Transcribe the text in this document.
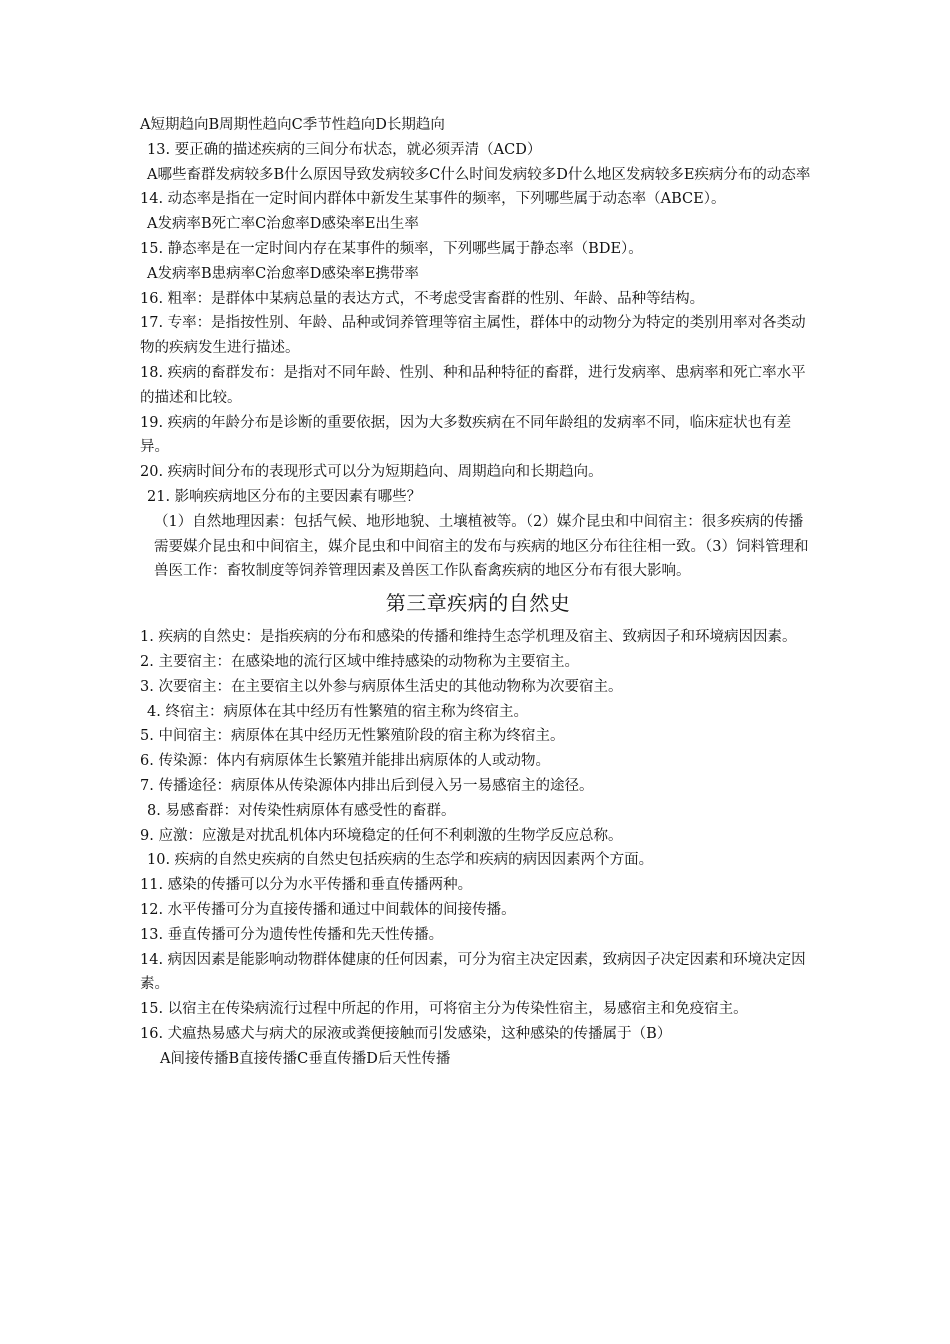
A短期趋向B周期性趋向C季节性趋向D长期趋向
13. 要正确的描述疾病的三间分布状态，就必须弄清（ACD）
A哪些畜群发病较多B什么原因导致发病较多C什么时间发病较多D什么地区发病较多E疾病分布的动态率
14. 动态率是指在一定时间内群体中新发生某事件的频率，下列哪些属于动态率（ABCE）。
A发病率B死亡率C治愈率D感染率E出生率
15. 静态率是在一定时间内存在某事件的频率，下列哪些属于静态率（BDE）。
A发病率B患病率C治愈率D感染率E携带率
16. 粗率：是群体中某病总量的表达方式，不考虑受害畜群的性别、年龄、品种等结构。
17. 专率：是指按性别、年龄、品种或饲养管理等宿主属性，群体中的动物分为特定的类别用率对各类动物的疾病发生进行描述。
18. 疾病的畜群发布：是指对不同年龄、性别、种和品种特征的畜群，进行发病率、患病率和死亡率水平的描述和比较。
19. 疾病的年龄分布是诊断的重要依据，因为大多数疾病在不同年龄组的发病率不同，临床症状也有差异。
20. 疾病时间分布的表现形式可以分为短期趋向、周期趋向和长期趋向。
21. 影响疾病地区分布的主要因素有哪些？
（1）自然地理因素：包括气候、地形地貌、土壤植被等。（2）媒介昆虫和中间宿主：很多疾病的传播需要媒介昆虫和中间宿主，媒介昆虫和中间宿主的发布与疾病的地区分布往往相一致。（3）饲料管理和兽医工作：畜牧制度等饲养管理因素及兽医工作队畜禽疾病的地区分布有很大影响。
第三章疾病的自然史
1. 疾病的自然史：是指疾病的分布和感染的传播和维持生态学机理及宿主、致病因子和环境病因因素。
2. 主要宿主：在感染地的流行区域中维持感染的动物称为主要宿主。
3. 次要宿主：在主要宿主以外参与病原体生活史的其他动物称为次要宿主。
4. 终宿主：病原体在其中经历有性繁殖的宿主称为终宿主。
5. 中间宿主：病原体在其中经历无性繁殖阶段的宿主称为终宿主。
6. 传染源：体内有病原体生长繁殖并能排出病原体的人或动物。
7. 传播途径：病原体从传染源体内排出后到侵入另一易感宿主的途径。
8. 易感畜群：对传染性病原体有感受性的畜群。
9. 应激：应激是对扰乱机体内环境稳定的任何不利刺激的生物学反应总称。
10. 疾病的自然史疾病的自然史包括疾病的生态学和疾病的病因因素两个方面。
11. 感染的传播可以分为水平传播和垂直传播两种。
12. 水平传播可分为直接传播和通过中间载体的间接传播。
13. 垂直传播可分为遗传性传播和先天性传播。
14. 病因因素是能影响动物群体健康的任何因素，可分为宿主决定因素，致病因子决定因素和环境决定因素。
15. 以宿主在传染病流行过程中所起的作用，可将宿主分为传染性宿主，易感宿主和免疫宿主。
16. 犬瘟热易感犬与病犬的尿液或粪便接触而引发感染，这种感染的传播属于（B）
A间接传播B直接传播C垂直传播D后天性传播
